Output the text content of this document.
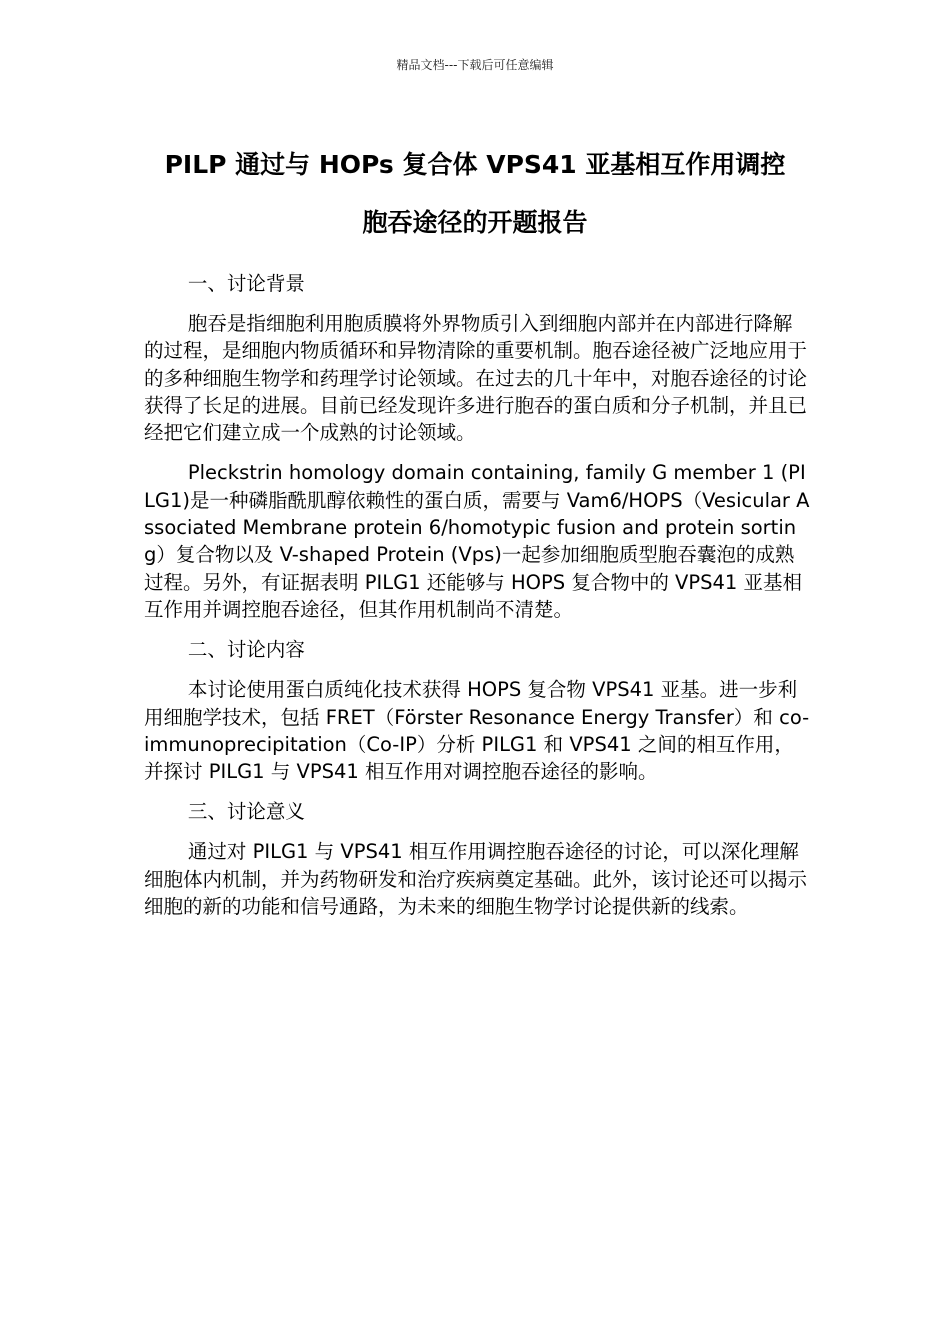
精品文档---下载后可任意编辑
PILP 通过与 HOPs 复合体 VPS41 亚基相互作用调控
胞吞途径的开题报告

一、讨论背景

胞吞是指细胞利用胞质膜将外界物质引入到细胞内部并在内部进行降解的过程，是细胞内物质循环和异物清除的重要机制。胞吞途径被广泛地应用于的多种细胞生物学和药理学讨论领域。在过去的几十年中，对胞吞途径的讨论获得了长足的进展。目前已经发现许多进行胞吞的蛋白质和分子机制，并且已经把它们建立成一个成熟的讨论领域。

Pleckstrin homology domain containing, family G member 1 (PILG1)是一种磷脂酰肌醇依赖性的蛋白质，需要与 Vam6/HOPS（Vesicular Associated Membrane protein 6/homotypic fusion and protein sorting）复合物以及 V-shaped Protein (Vps)一起参加细胞质型胞吞囊泡的成熟过程。另外，有证据表明 PILG1 还能够与 HOPS 复合物中的 VPS41 亚基相互作用并调控胞吞途径，但其作用机制尚不清楚。

二、讨论内容

本讨论使用蛋白质纯化技术获得 HOPS 复合物 VPS41 亚基。进一步利用细胞学技术，包括 FRET（Förster Resonance Energy Transfer）和 co-immunoprecipitation（Co-IP）分析 PILG1 和 VPS41 之间的相互作用，并探讨 PILG1 与 VPS41 相互作用对调控胞吞途径的影响。

三、讨论意义

通过对 PILG1 与 VPS41 相互作用调控胞吞途径的讨论，可以深化理解细胞体内机制，并为药物研发和治疗疾病奠定基础。此外，该讨论还可以揭示细胞的新的功能和信号通路，为未来的细胞生物学讨论提供新的线索。
